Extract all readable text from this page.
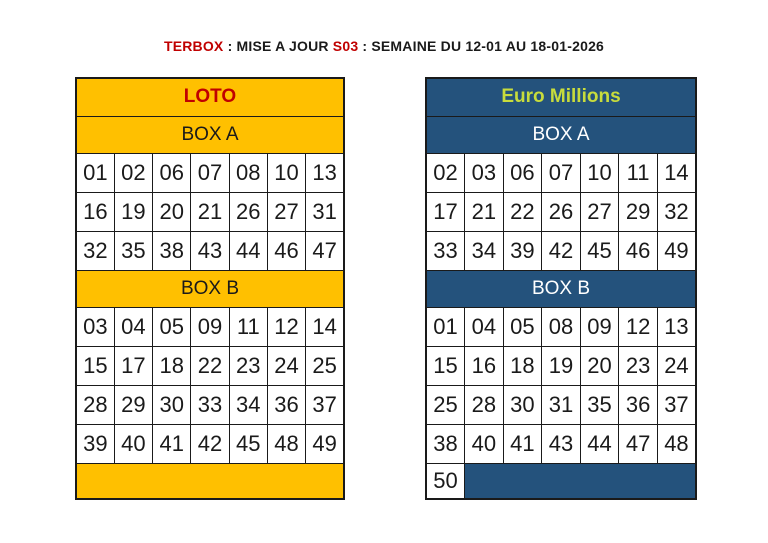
TERBOX : MISE A JOUR S03 : SEMAINE DU 12-01 AU 18-01-2026
LOTO						
BOX A						
01	02	06	07	08	10	13
16	19	20	21	26	27	31
32	35	38	43	44	46	47
BOX B						
03	04	05	09	11	12	14
15	17	18	22	23	24	25
28	29	30	33	34	36	37
39	40	41	42	45	48	49

Euro Millions						
BOX A						
02	03	06	07	10	11	14
17	21	22	26	27	29	32
33	34	39	42	45	46	49
BOX B						
01	04	05	08	09	12	13
15	16	18	19	20	23	24
25	28	30	31	35	36	37
38	40	41	43	44	47	48
50						
